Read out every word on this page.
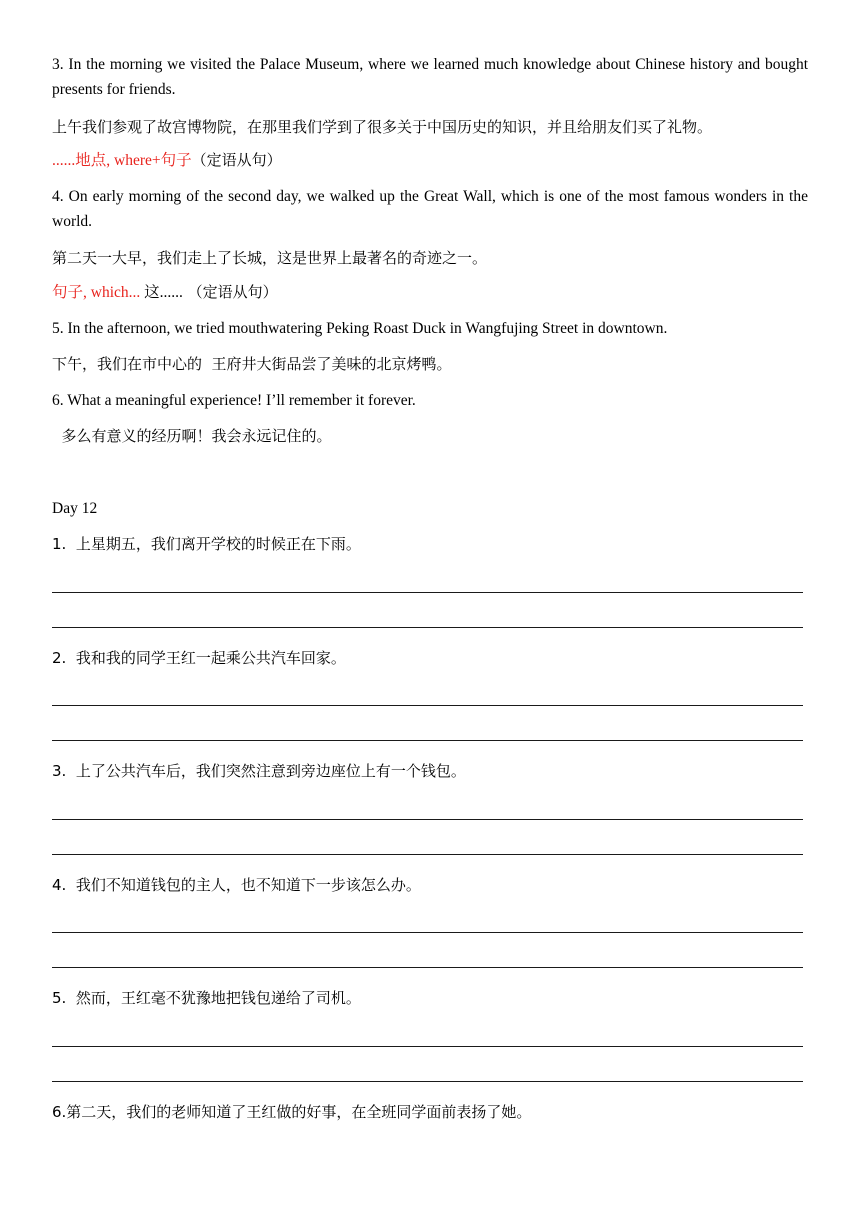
3. In the morning we visited the Palace Museum, where we learned much knowledge about Chinese history and bought presents for friends.

上午我们参观了故宫博物院，在那里我们学到了很多关于中国历史的知识，并且给朋友们买了礼物。

......地点, where+句子（定语从句）

4. On early morning of the second day, we walked up the Great Wall, which is one of the most famous wonders in the world.

第二天一大早，我们走上了长城，这是世界上最著名的奇迹之一。

句子, which... 这...... （定语从句）

5. In the afternoon, we tried mouthwatering Peking Roast Duck in Wangfujing Street in downtown.

下午，我们在市中心的  王府井大街品尝了美味的北京烤鸭。

6. What a meaningful experience! I’ll remember it forever.

多么有意义的经历啊！我会永远记住的。

Day 12

1.  上星期五，我们离开学校的时候正在下雨。

2.  我和我的同学王红一起乘公共汽车回家。

3.  上了公共汽车后，我们突然注意到旁边座位上有一个钱包。

4.  我们不知道钱包的主人，也不知道下一步该怎么办。

5.  然而，王红毫不犹豫地把钱包递给了司机。

6.第二天，我们的老师知道了王红做的好事，在全班同学面前表扬了她。
